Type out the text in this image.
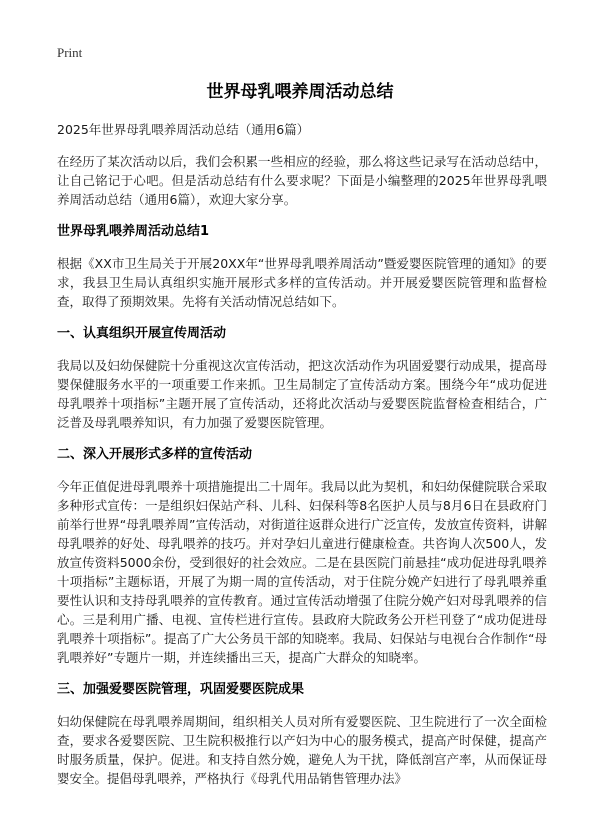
Print
世界母乳喂养周活动总结

2025年世界母乳喂养周活动总结（通用6篇）

在经历了某次活动以后，我们会积累一些相应的经验，那么将这些记录写在活动总结中，让自己铭记于心吧。但是活动总结有什么要求呢？下面是小编整理的2025年世界母乳喂养周活动总结（通用6篇），欢迎大家分享。

世界母乳喂养周活动总结1

根据《XX市卫生局关于开展20XX年“世界母乳喂养周活动”暨爱婴医院管理的通知》的要求，我县卫生局认真组织实施开展形式多样的宣传活动。并开展爱婴医院管理和监督检查，取得了预期效果。先将有关活动情况总结如下。

一、认真组织开展宣传周活动

我局以及妇幼保健院十分重视这次宣传活动，把这次活动作为巩固爱婴行动成果，提高母婴保健服务水平的一项重要工作来抓。卫生局制定了宣传活动方案。围绕今年“成功促进母乳喂养十项指标”主题开展了宣传活动，还将此次活动与爱婴医院监督检查相结合，广泛普及母乳喂养知识，有力加强了爱婴医院管理。

二、深入开展形式多样的宣传活动

今年正值促进母乳喂养十项措施提出二十周年。我局以此为契机，和妇幼保健院联合采取多种形式宣传：一是组织妇保站产科、儿科、妇保科等8名医护人员与8月6日在县政府门前举行世界“母乳喂养周”宣传活动，对街道往返群众进行广泛宣传，发放宣传资料，讲解母乳喂养的好处、母乳喂养的技巧。并对孕妇儿童进行健康检查。共咨询人次500人，发放宣传资料5000余份，受到很好的社会效应。二是在县医院门前悬挂“成功促进母乳喂养十项指标”主题标语，开展了为期一周的宣传活动，对于住院分娩产妇进行了母乳喂养重要性认识和支持母乳喂养的宣传教育。通过宣传活动增强了住院分娩产妇对母乳喂养的信心。三是利用广播、电视、宣传栏进行宣传。县政府大院政务公开栏刊登了“成功促进母乳喂养十项指标”。提高了广大公务员干部的知晓率。我局、妇保站与电视台合作制作“母乳喂养好”专题片一期，并连续播出三天，提高广大群众的知晓率。

三、加强爱婴医院管理，巩固爱婴医院成果

妇幼保健院在母乳喂养周期间，组织相关人员对所有爱婴医院、卫生院进行了一次全面检查，要求各爱婴医院、卫生院积极推行以产妇为中心的服务模式，提高产时保健，提高产时服务质量，保护。促进。和支持自然分娩，避免人为干扰，降低剖宫产率，从而保证母婴安全。提倡母乳喂养，严格执行《母乳代用品销售管理办法》
